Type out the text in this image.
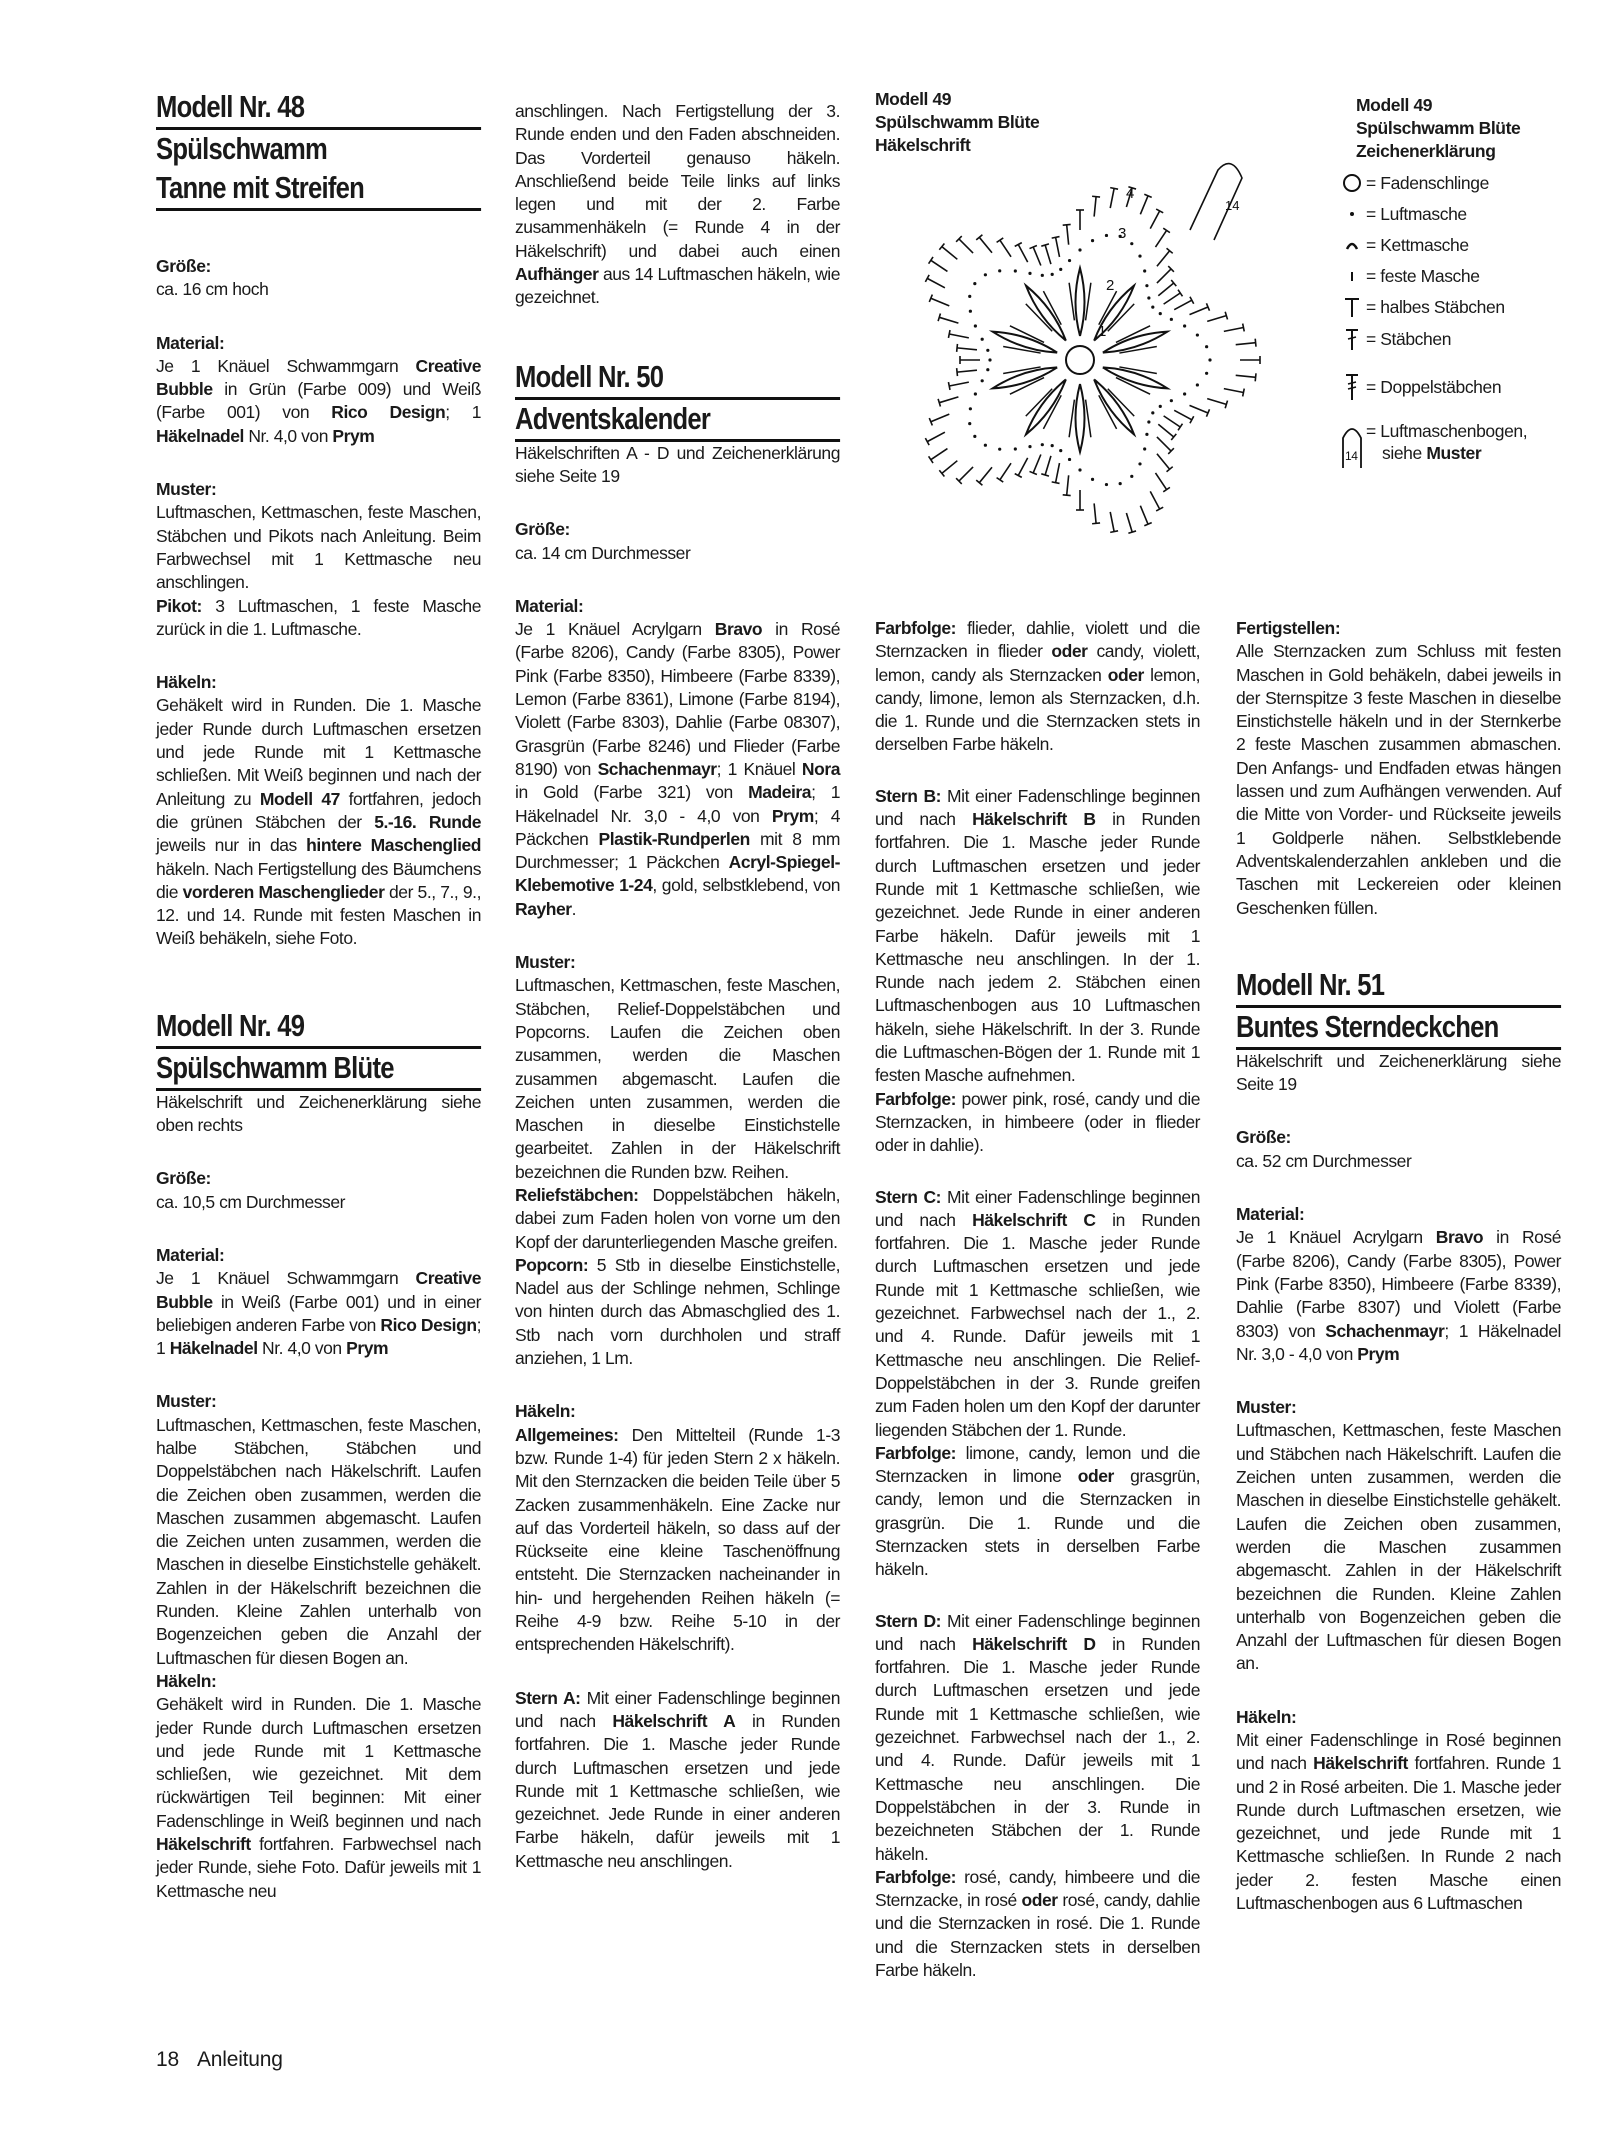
Modell Nr. 48
Spülschwamm
Tanne mit Streifen
Größe:
ca. 16 cm hoch
Material:

Je 1 Knäuel Schwammgarn Creative Bubble in Grün (Farbe 009) und Weiß (Farbe 001) von Rico Design; 1 Häkelnadel Nr. 4,0 von Prym

Muster:

Luftmaschen, Kettmaschen, feste Maschen, Stäbchen und Pikots nach Anleitung. Beim Farbwechsel mit 1 Kettmasche neu anschlingen.

Pikot: 3 Luftmaschen, 1 feste Masche zurück in die 1. Luftmasche.

Häkeln:

Gehäkelt wird in Runden. Die 1. Masche jeder Runde durch Luftmaschen ersetzen und jede Runde mit 1 Kettmasche schließen. Mit Weiß beginnen und nach der Anleitung zu Modell 47 fortfahren, jedoch die grünen Stäbchen der 5.-16. Runde jeweils nur in das hintere Maschenglied häkeln. Nach Fertigstellung des Bäumchens die vorderen Maschenglieder der 5., 7., 9., 12. und 14. Runde mit festen Maschen in Weiß behäkeln, siehe Foto.

Modell Nr. 49
Spülschwamm Blüte

Häkelschrift und Zeichenerklärung siehe oben rechts

Größe:
ca. 10,5 cm Durchmesser
Material:

Je 1 Knäuel Schwammgarn Creative Bubble in Weiß (Farbe 001) und in einer beliebigen anderen Farbe von Rico Design; 1 Häkelnadel Nr. 4,0 von Prym

Muster:

Luftmaschen, Kettmaschen, feste Maschen, halbe Stäbchen, Stäbchen und Doppelstäbchen nach Häkelschrift. Laufen die Zeichen oben zusammen, werden die Maschen zusammen abgemascht. Laufen die Zeichen unten zusammen, werden die Maschen in dieselbe Einstichstelle gehäkelt. Zahlen in der Häkelschrift bezeichnen die Runden. Kleine Zahlen unterhalb von Bogenzeichen geben die Anzahl der Luftmaschen für diesen Bogen an.

Häkeln:

Gehäkelt wird in Runden. Die 1. Masche jeder Runde durch Luftmaschen ersetzen und jede Runde mit 1 Kettmasche schließen, wie gezeichnet. Mit dem rückwärtigen Teil beginnen: Mit einer Fadenschlinge in Weiß beginnen und nach Häkelschrift fortfahren. Farbwechsel nach jeder Runde, siehe Foto. Dafür jeweils mit 1 Kettmasche neu

anschlingen. Nach Fertigstellung der 3. Runde enden und den Faden abschneiden. Das Vorderteil genauso häkeln. Anschließend beide Teile links auf links legen und mit der 2. Farbe zusammenhäkeln (= Runde 4 in der Häkelschrift) und dabei auch einen Aufhänger aus 14 Luftmaschen häkeln, wie gezeichnet.

Modell Nr. 50
Adventskalender

Häkelschriften A - D und Zeichenerklärung siehe Seite 19

Größe:
ca. 14 cm Durchmesser
Material:

Je 1 Knäuel Acrylgarn Bravo in Rosé (Farbe 8206), Candy (Farbe 8305), Power Pink (Farbe 8350), Himbeere (Farbe 8339), Lemon (Farbe 8361), Limone (Farbe 8194), Violett (Farbe 8303), Dahlie (Farbe 08307), Grasgrün (Farbe 8246) und Flieder (Farbe 8190) von Schachenmayr; 1 Knäuel Nora in Gold (Farbe 321) von Madeira; 1 Häkelnadel Nr. 3,0 - 4,0 von Prym; 4 Päckchen Plastik-Rundperlen mit 8 mm Durchmesser; 1 Päckchen Acryl-Spiegel-Klebemotive 1-24, gold, selbstklebend, von Rayher.

Muster:

Luftmaschen, Kettmaschen, feste Maschen, Stäbchen, Relief-Doppelstäbchen und Popcorns. Laufen die Zeichen oben zusammen, werden die Maschen zusammen abgemascht. Laufen die Zeichen unten zusammen, werden die Maschen in dieselbe Einstichstelle gearbeitet. Zahlen in der Häkelschrift bezeichnen die Runden bzw. Reihen.

Reliefstäbchen: Doppelstäbchen häkeln, dabei zum Faden holen von vorne um den Kopf der darunterliegenden Masche greifen.

Popcorn: 5 Stb in dieselbe Einstichstelle, Nadel aus der Schlinge nehmen, Schlinge von hinten durch das Abmaschglied des 1. Stb nach vorn durchholen und straff anziehen, 1 Lm.

Häkeln:

Allgemeines: Den Mittelteil (Runde 1-3 bzw. Runde 1-4) für jeden Stern 2 x häkeln. Mit den Sternzacken die beiden Teile über 5 Zacken zusammenhäkeln. Eine Zacke nur auf das Vorderteil häkeln, so dass auf der Rückseite eine kleine Taschenöffnung entsteht. Die Sternzacken nacheinander in hin- und hergehenden Reihen häkeln (= Reihe 4-9 bzw. Reihe 5-10 in der entsprechenden Häkelschrift).

Stern A: Mit einer Fadenschlinge beginnen und nach Häkelschrift A in Runden fortfahren. Die 1. Masche jeder Runde durch Luftmaschen ersetzen und jede Runde mit 1 Kettmasche schließen, wie gezeichnet. Jede Runde in einer anderen Farbe häkeln, dafür jeweils mit 1 Kettmasche neu anschlingen.

Modell 49
Spülschwamm Blüte
Häkelschrift
14
4
3
2
1
Modell 49
Spülschwamm Blüte
Zeichenerklärung
= Fadenschlinge
= Luftmasche
= Kettmasche
= feste Masche
= halbes Stäbchen
= Stäbchen
= Doppelstäbchen
14
= Luftmaschenbogen,
siehe Muster

Farbfolge: flieder, dahlie, violett und die Sternzacken in flieder oder candy, violett, lemon, candy als Sternzacken oder lemon, candy, limone, lemon als Sternzacken, d.h. die 1. Runde und die Sternzacken stets in derselben Farbe häkeln.

Stern B: Mit einer Fadenschlinge beginnen und nach Häkelschrift B in Runden fortfahren. Die 1. Masche jeder Runde durch Luftmaschen ersetzen und jeder Runde mit 1 Kettmasche schließen, wie gezeichnet. Jede Runde in einer anderen Farbe häkeln. Dafür jeweils mit 1 Kettmasche neu anschlingen. In der 1. Runde nach jedem 2. Stäbchen einen Luftmaschenbogen aus 10 Luftmaschen häkeln, siehe Häkelschrift. In der 3. Runde die Luftmaschen-Bögen der 1. Runde mit 1 festen Masche aufnehmen.

Farbfolge: power pink, rosé, candy und die Sternzacken, in himbeere (oder in flieder oder in dahlie).

Stern C: Mit einer Fadenschlinge beginnen und nach Häkelschrift C in Runden fortfahren. Die 1. Masche jeder Runde durch Luftmaschen ersetzen und jede Runde mit 1 Kettmasche schließen, wie gezeichnet. Farbwechsel nach der 1., 2. und 4. Runde. Dafür jeweils mit 1 Kettmasche neu anschlingen. Die Relief-Doppelstäbchen in der 3. Runde greifen zum Faden holen um den Kopf der darunter liegenden Stäbchen der 1. Runde.

Farbfolge: limone, candy, lemon und die Sternzacken in limone oder grasgrün, candy, lemon und die Sternzacken in grasgrün. Die 1. Runde und die Sternzacken stets in derselben Farbe häkeln.

Stern D: Mit einer Fadenschlinge beginnen und nach Häkelschrift D in Runden fortfahren. Die 1. Masche jeder Runde durch Luftmaschen ersetzen und jede Runde mit 1 Kettmasche schließen, wie gezeichnet. Farbwechsel nach der 1., 2. und 4. Runde. Dafür jeweils mit 1 Kettmasche neu anschlingen. Die Doppelstäbchen in der 3. Runde in bezeichneten Stäbchen der 1. Runde häkeln.

Farbfolge: rosé, candy, himbeere und die Sternzacke, in rosé oder rosé, candy, dahlie und die Sternzacken in rosé. Die 1. Runde und die Sternzacken stets in derselben Farbe häkeln.

Fertigstellen:

Alle Sternzacken zum Schluss mit festen Maschen in Gold behäkeln, dabei jeweils in der Sternspitze 3 feste Maschen in dieselbe Einstichstelle häkeln und in der Sternkerbe 2 feste Maschen zusammen abmaschen. Den Anfangs- und Endfaden etwas hängen lassen und zum Aufhängen verwenden. Auf die Mitte von Vorder- und Rückseite jeweils 1 Goldperle nähen. Selbstklebende Adventskalenderzahlen ankleben und die Taschen mit Leckereien oder kleinen Geschenken füllen.

Modell Nr. 51
Buntes Sterndeckchen

Häkelschrift und Zeichenerklärung siehe Seite 19

Größe:
ca. 52 cm Durchmesser
Material:

Je 1 Knäuel Acrylgarn Bravo in Rosé (Farbe 8206), Candy (Farbe 8305), Power Pink (Farbe 8350), Himbeere (Farbe 8339), Dahlie (Farbe 8307) und Violett (Farbe 8303) von Schachenmayr; 1 Häkelnadel Nr. 3,0 - 4,0 von Prym

Muster:

Luftmaschen, Kettmaschen, feste Maschen und Stäbchen nach Häkelschrift. Laufen die Zeichen unten zusammen, werden die Maschen in dieselbe Einstichstelle gehäkelt. Laufen die Zeichen oben zusammen, werden die Maschen zusammen abgemascht. Zahlen in der Häkelschrift bezeichnen die Runden. Kleine Zahlen unterhalb von Bogenzeichen geben die Anzahl der Luftmaschen für diesen Bogen an.

Häkeln:

Mit einer Fadenschlinge in Rosé beginnen und nach Häkelschrift fortfahren. Runde 1 und 2 in Rosé arbeiten. Die 1. Masche jeder Runde durch Luftmaschen ersetzen, wie gezeichnet, und jede Runde mit 1 Kettmasche schließen. In Runde 2 nach jeder 2. festen Masche einen Luftmaschenbogen aus 6 Luftmaschen

18 Anleitung
